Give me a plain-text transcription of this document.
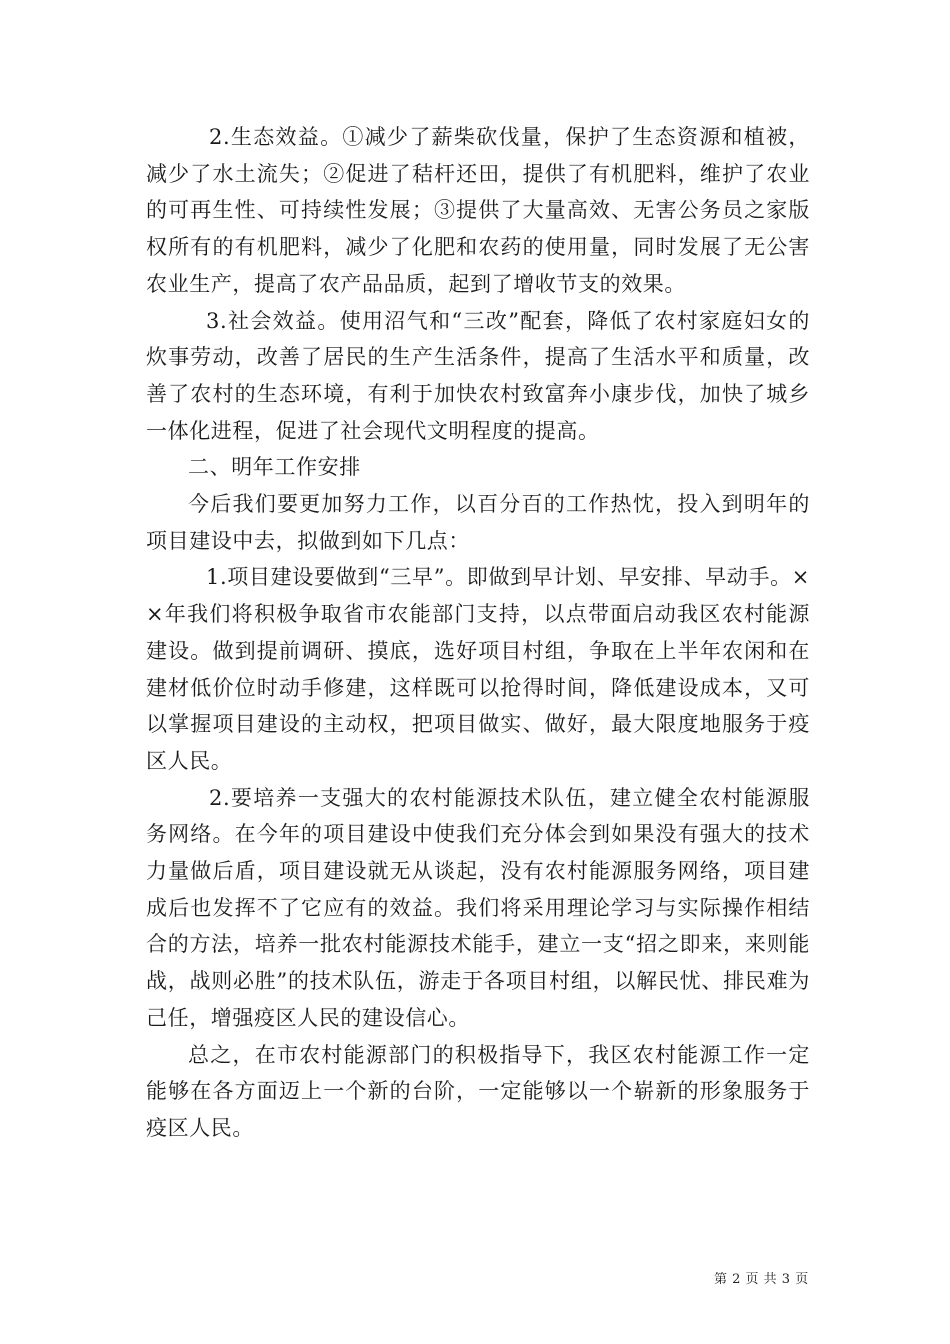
2.生态效益。①减少了薪柴砍伐量，保护了生态资源和植被，减少了水土流失；②促进了秸杆还田，提供了有机肥料，维护了农业的可再生性、可持续性发展；③提供了大量高效、无害公务员之家版权所有的有机肥料，减少了化肥和农药的使用量，同时发展了无公害农业生产，提高了农产品品质，起到了增收节支的效果。

3.社会效益。使用沼气和“三改”配套，降低了农村家庭妇女的炊事劳动，改善了居民的生产生活条件，提高了生活水平和质量，改善了农村的生态环境，有利于加快农村致富奔小康步伐，加快了城乡一体化进程，促进了社会现代文明程度的提高。

二、明年工作安排

今后我们要更加努力工作，以百分百的工作热忱，投入到明年的项目建设中去，拟做到如下几点：

1.项目建设要做到“三早”。即做到早计划、早安排、早动手。××年我们将积极争取省市农能部门支持，以点带面启动我区农村能源建设。做到提前调研、摸底，选好项目村组，争取在上半年农闲和在建材低价位时动手修建，这样既可以抢得时间，降低建设成本，又可以掌握项目建设的主动权，把项目做实、做好，最大限度地服务于疫区人民。

2.要培养一支强大的农村能源技术队伍，建立健全农村能源服务网络。在今年的项目建设中使我们充分体会到如果没有强大的技术力量做后盾，项目建设就无从谈起，没有农村能源服务网络，项目建成后也发挥不了它应有的效益。我们将采用理论学习与实际操作相结合的方法，培养一批农村能源技术能手，建立一支“招之即来，来则能战，战则必胜”的技术队伍，游走于各项目村组，以解民忧、排民难为己任，增强疫区人民的建设信心。

总之，在市农村能源部门的积极指导下，我区农村能源工作一定能够在各方面迈上一个新的台阶，一定能够以一个崭新的形象服务于疫区人民。

第 2 页 共 3 页
